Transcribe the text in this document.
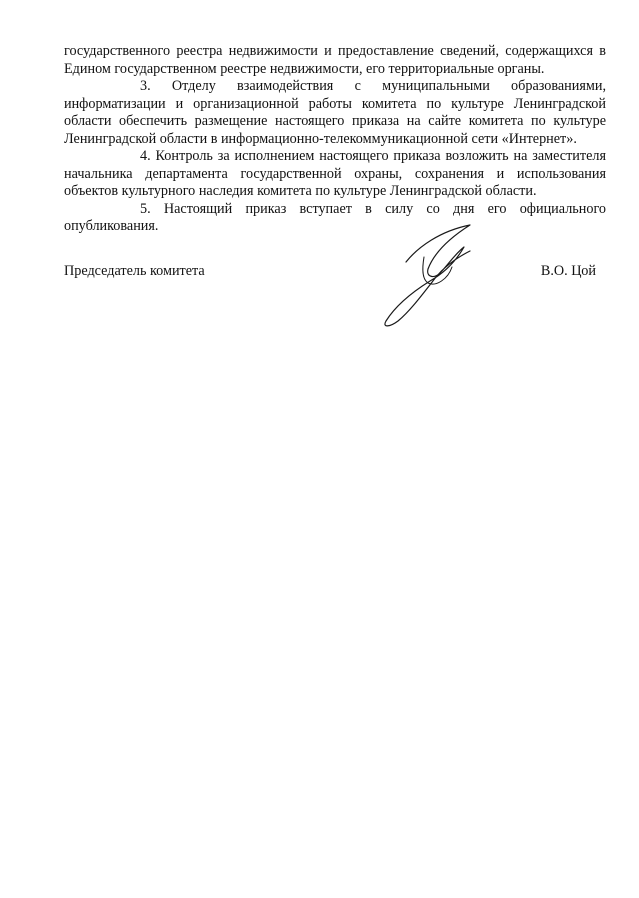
государственного реестра недвижимости и предоставление сведений, содержащихся в Едином государственном реестре недвижимости, его территориальные органы.

3. Отделу взаимодействия с муниципальными образованиями, информатизации и организационной работы комитета по культуре Ленинградской области обеспечить размещение настоящего приказа на сайте комитета по культуре Ленинградской области в информационно-телекоммуникационной сети «Интернет».

4. Контроль за исполнением настоящего приказа возложить на заместителя начальника департамента государственной охраны, сохранения и использования объектов культурного наследия комитета по культуре Ленинградской области.

5. Настоящий приказ вступает в силу со дня его официального опубликования.

Председатель комитета	В.О. Цой
